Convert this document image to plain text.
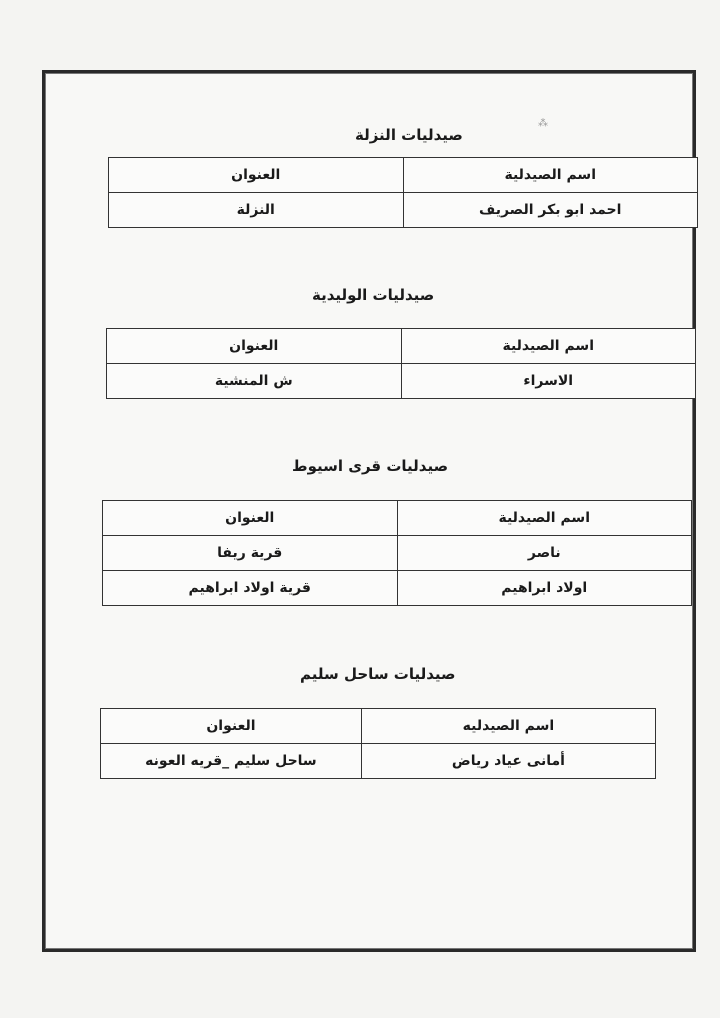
صيدليات النزلة
اسم الصيدلية	العنوان
احمد ابو بكر الصريف	النزلة
صيدليات الوليدية
اسم الصيدلية	العنوان
الاسراء	ش المنشية
صيدليات قرى اسيوط
اسم الصيدلية	العنوان
ناصر	قرية ريفا
اولاد ابراهيم	قرية اولاد ابراهيم
صيدليات ساحل سليم
اسم الصيدليه	العنوان
أمانى عياد رياض	ساحل سليم _قريه العونه
⁂
